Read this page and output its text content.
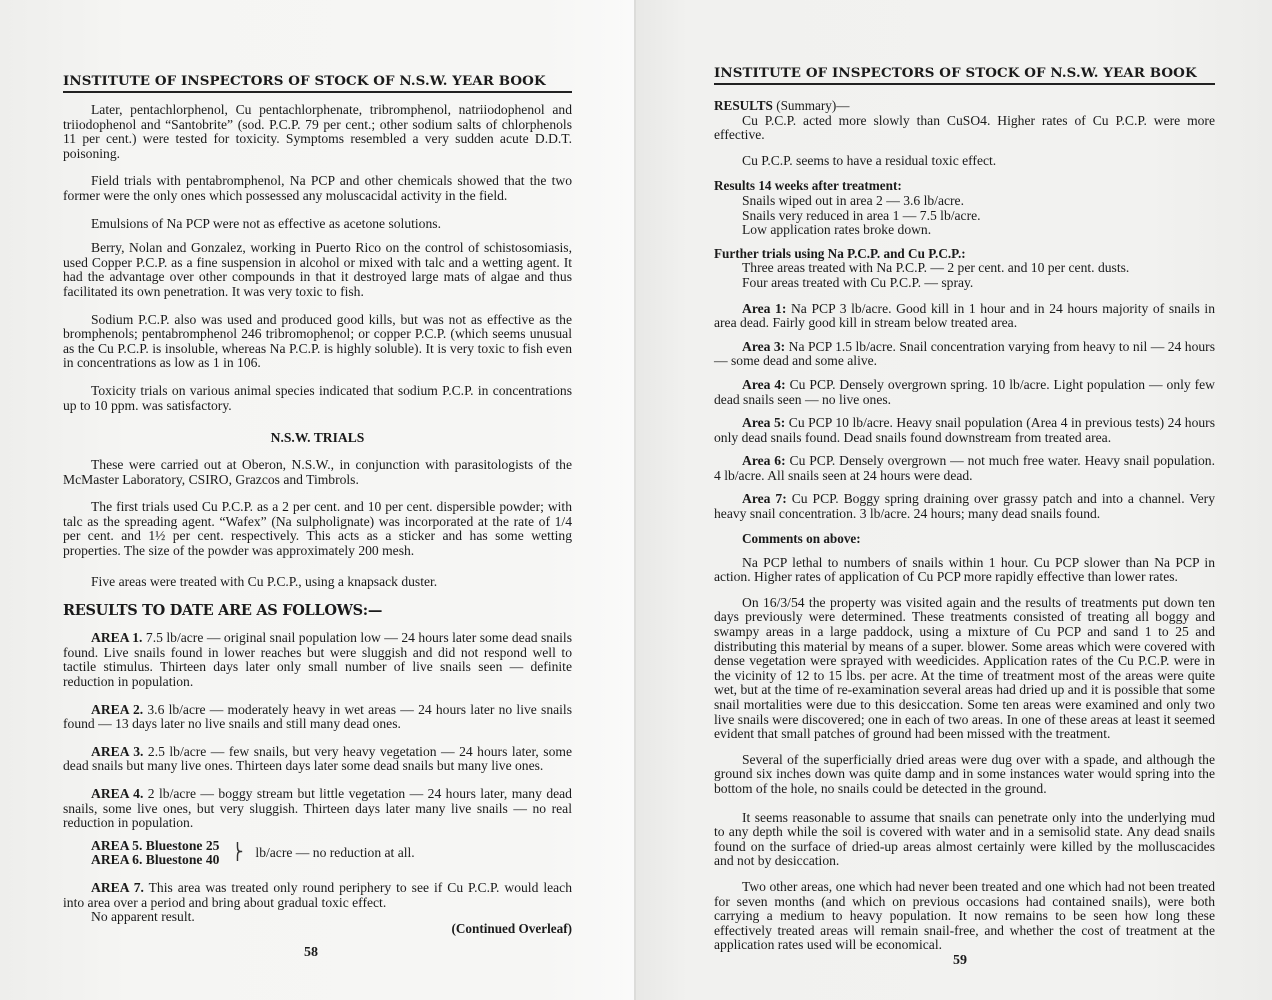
INSTITUTE OF INSPECTORS OF STOCK OF N.S.W. YEAR BOOK

Later, pentachlorphenol, Cu pentachlorphenate, tribromphenol, natriiodophenol and triiodophenol and “Santobrite” (sod. P.C.P. 79 per cent.; other sodium salts of chlorphenols 11 per cent.) were tested for toxicity. Symptoms resembled a very sudden acute D.D.T. poisoning.

Field trials with pentabromphenol, Na PCP and other chemicals showed that the two former were the only ones which possessed any moluscacidal activity in the field.

Emulsions of Na PCP were not as effective as acetone solutions.

Berry, Nolan and Gonzalez, working in Puerto Rico on the control of schistosomiasis, used Copper P.C.P. as a fine suspension in alcohol or mixed with talc and a wetting agent. It had the advantage over other compounds in that it destroyed large mats of algae and thus facilitated its own penetration. It was very toxic to fish.

Sodium P.C.P. also was used and produced good kills, but was not as effective as the bromphenols; pentabromphenol 246 tribromophenol; or copper P.C.P. (which seems unusual as the Cu P.C.P. is insoluble, whereas Na P.C.P. is highly soluble). It is very toxic to fish even in concentrations as low as 1 in 106.

Toxicity trials on various animal species indicated that sodium P.C.P. in concentrations up to 10 ppm. was satisfactory.

N.S.W. TRIALS

These were carried out at Oberon, N.S.W., in conjunction with parasitologists of the McMaster Laboratory, CSIRO, Grazcos and Timbrols.

The first trials used Cu P.C.P. as a 2 per cent. and 10 per cent. dispersible powder; with talc as the spreading agent. “Wafex” (Na sulpholignate) was incorporated at the rate of 1/4 per cent. and 1½ per cent. respectively. This acts as a sticker and has some wetting properties. The size of the powder was approximately 200 mesh.

Five areas were treated with Cu P.C.P., using a knapsack duster.

RESULTS TO DATE ARE AS FOLLOWS:—

AREA 1. 7.5 lb/acre — original snail population low — 24 hours later some dead snails found. Live snails found in lower reaches but were sluggish and did not respond well to tactile stimulus. Thirteen days later only small number of live snails seen — definite reduction in population.

AREA 2. 3.6 lb/acre — moderately heavy in wet areas — 24 hours later no live snails found — 13 days later no live snails and still many dead ones.

AREA 3. 2.5 lb/acre — few snails, but very heavy vegetation — 24 hours later, some dead snails but many live ones. Thirteen days later some dead snails but many live ones.

AREA 4. 2 lb/acre — boggy stream but little vegetation — 24 hours later, many dead snails, some live ones, but very sluggish. Thirteen days later many live snails — no real reduction in population.

AREA 5. Bluestone 25
AREA 6. Bluestone 40 ⎬ lb/acre — no reduction at all.

AREA 7. This area was treated only round periphery to see if Cu P.C.P. would leach into area over a period and bring about gradual toxic effect.

No apparent result.

(Continued Overleaf)
58
INSTITUTE OF INSPECTORS OF STOCK OF N.S.W. YEAR BOOK
RESULTS (Summary)—

Cu P.C.P. acted more slowly than CuSO4. Higher rates of Cu P.C.P. were more effective.

Cu P.C.P. seems to have a residual toxic effect.

Results 14 weeks after treatment:
Snails wiped out in area 2 — 3.6 lb/acre.
Snails very reduced in area 1 — 7.5 lb/acre.
Low application rates broke down.
Further trials using Na P.C.P. and Cu P.C.P.:
Three areas treated with Na P.C.P. — 2 per cent. and 10 per cent. dusts.
Four areas treated with Cu P.C.P. — spray.

Area 1: Na PCP 3 lb/acre. Good kill in 1 hour and in 24 hours majority of snails in area dead. Fairly good kill in stream below treated area.

Area 3: Na PCP 1.5 lb/acre. Snail concentration varying from heavy to nil — 24 hours — some dead and some alive.

Area 4: Cu PCP. Densely overgrown spring. 10 lb/acre. Light population — only few dead snails seen — no live ones.

Area 5: Cu PCP 10 lb/acre. Heavy snail population (Area 4 in previous tests) 24 hours only dead snails found. Dead snails found downstream from treated area.

Area 6: Cu PCP. Densely overgrown — not much free water. Heavy snail population. 4 lb/acre. All snails seen at 24 hours were dead.

Area 7: Cu PCP. Boggy spring draining over grassy patch and into a channel. Very heavy snail concentration. 3 lb/acre. 24 hours; many dead snails found.

Comments on above:

Na PCP lethal to numbers of snails within 1 hour. Cu PCP slower than Na PCP in action. Higher rates of application of Cu PCP more rapidly effective than lower rates.

On 16/3/54 the property was visited again and the results of treatments put down ten days previously were determined. These treatments consisted of treating all boggy and swampy areas in a large paddock, using a mixture of Cu PCP and sand 1 to 25 and distributing this material by means of a super. blower. Some areas which were covered with dense vegetation were sprayed with weedicides. Application rates of the Cu P.C.P. were in the vicinity of 12 to 15 lbs. per acre. At the time of treatment most of the areas were quite wet, but at the time of re-examination several areas had dried up and it is possible that some snail mortalities were due to this desiccation. Some ten areas were examined and only two live snails were discovered; one in each of two areas. In one of these areas at least it seemed evident that small patches of ground had been missed with the treatment.

Several of the superficially dried areas were dug over with a spade, and although the ground six inches down was quite damp and in some instances water would spring into the bottom of the hole, no snails could be detected in the ground.

It seems reasonable to assume that snails can penetrate only into the underlying mud to any depth while the soil is covered with water and in a semisolid state. Any dead snails found on the surface of dried-up areas almost certainly were killed by the molluscacides and not by desiccation.

Two other areas, one which had never been treated and one which had not been treated for seven months (and which on previous occasions had contained snails), were both carrying a medium to heavy population. It now remains to be seen how long these effectively treated areas will remain snail-free, and whether the cost of treatment at the application rates used will be economical.

59
